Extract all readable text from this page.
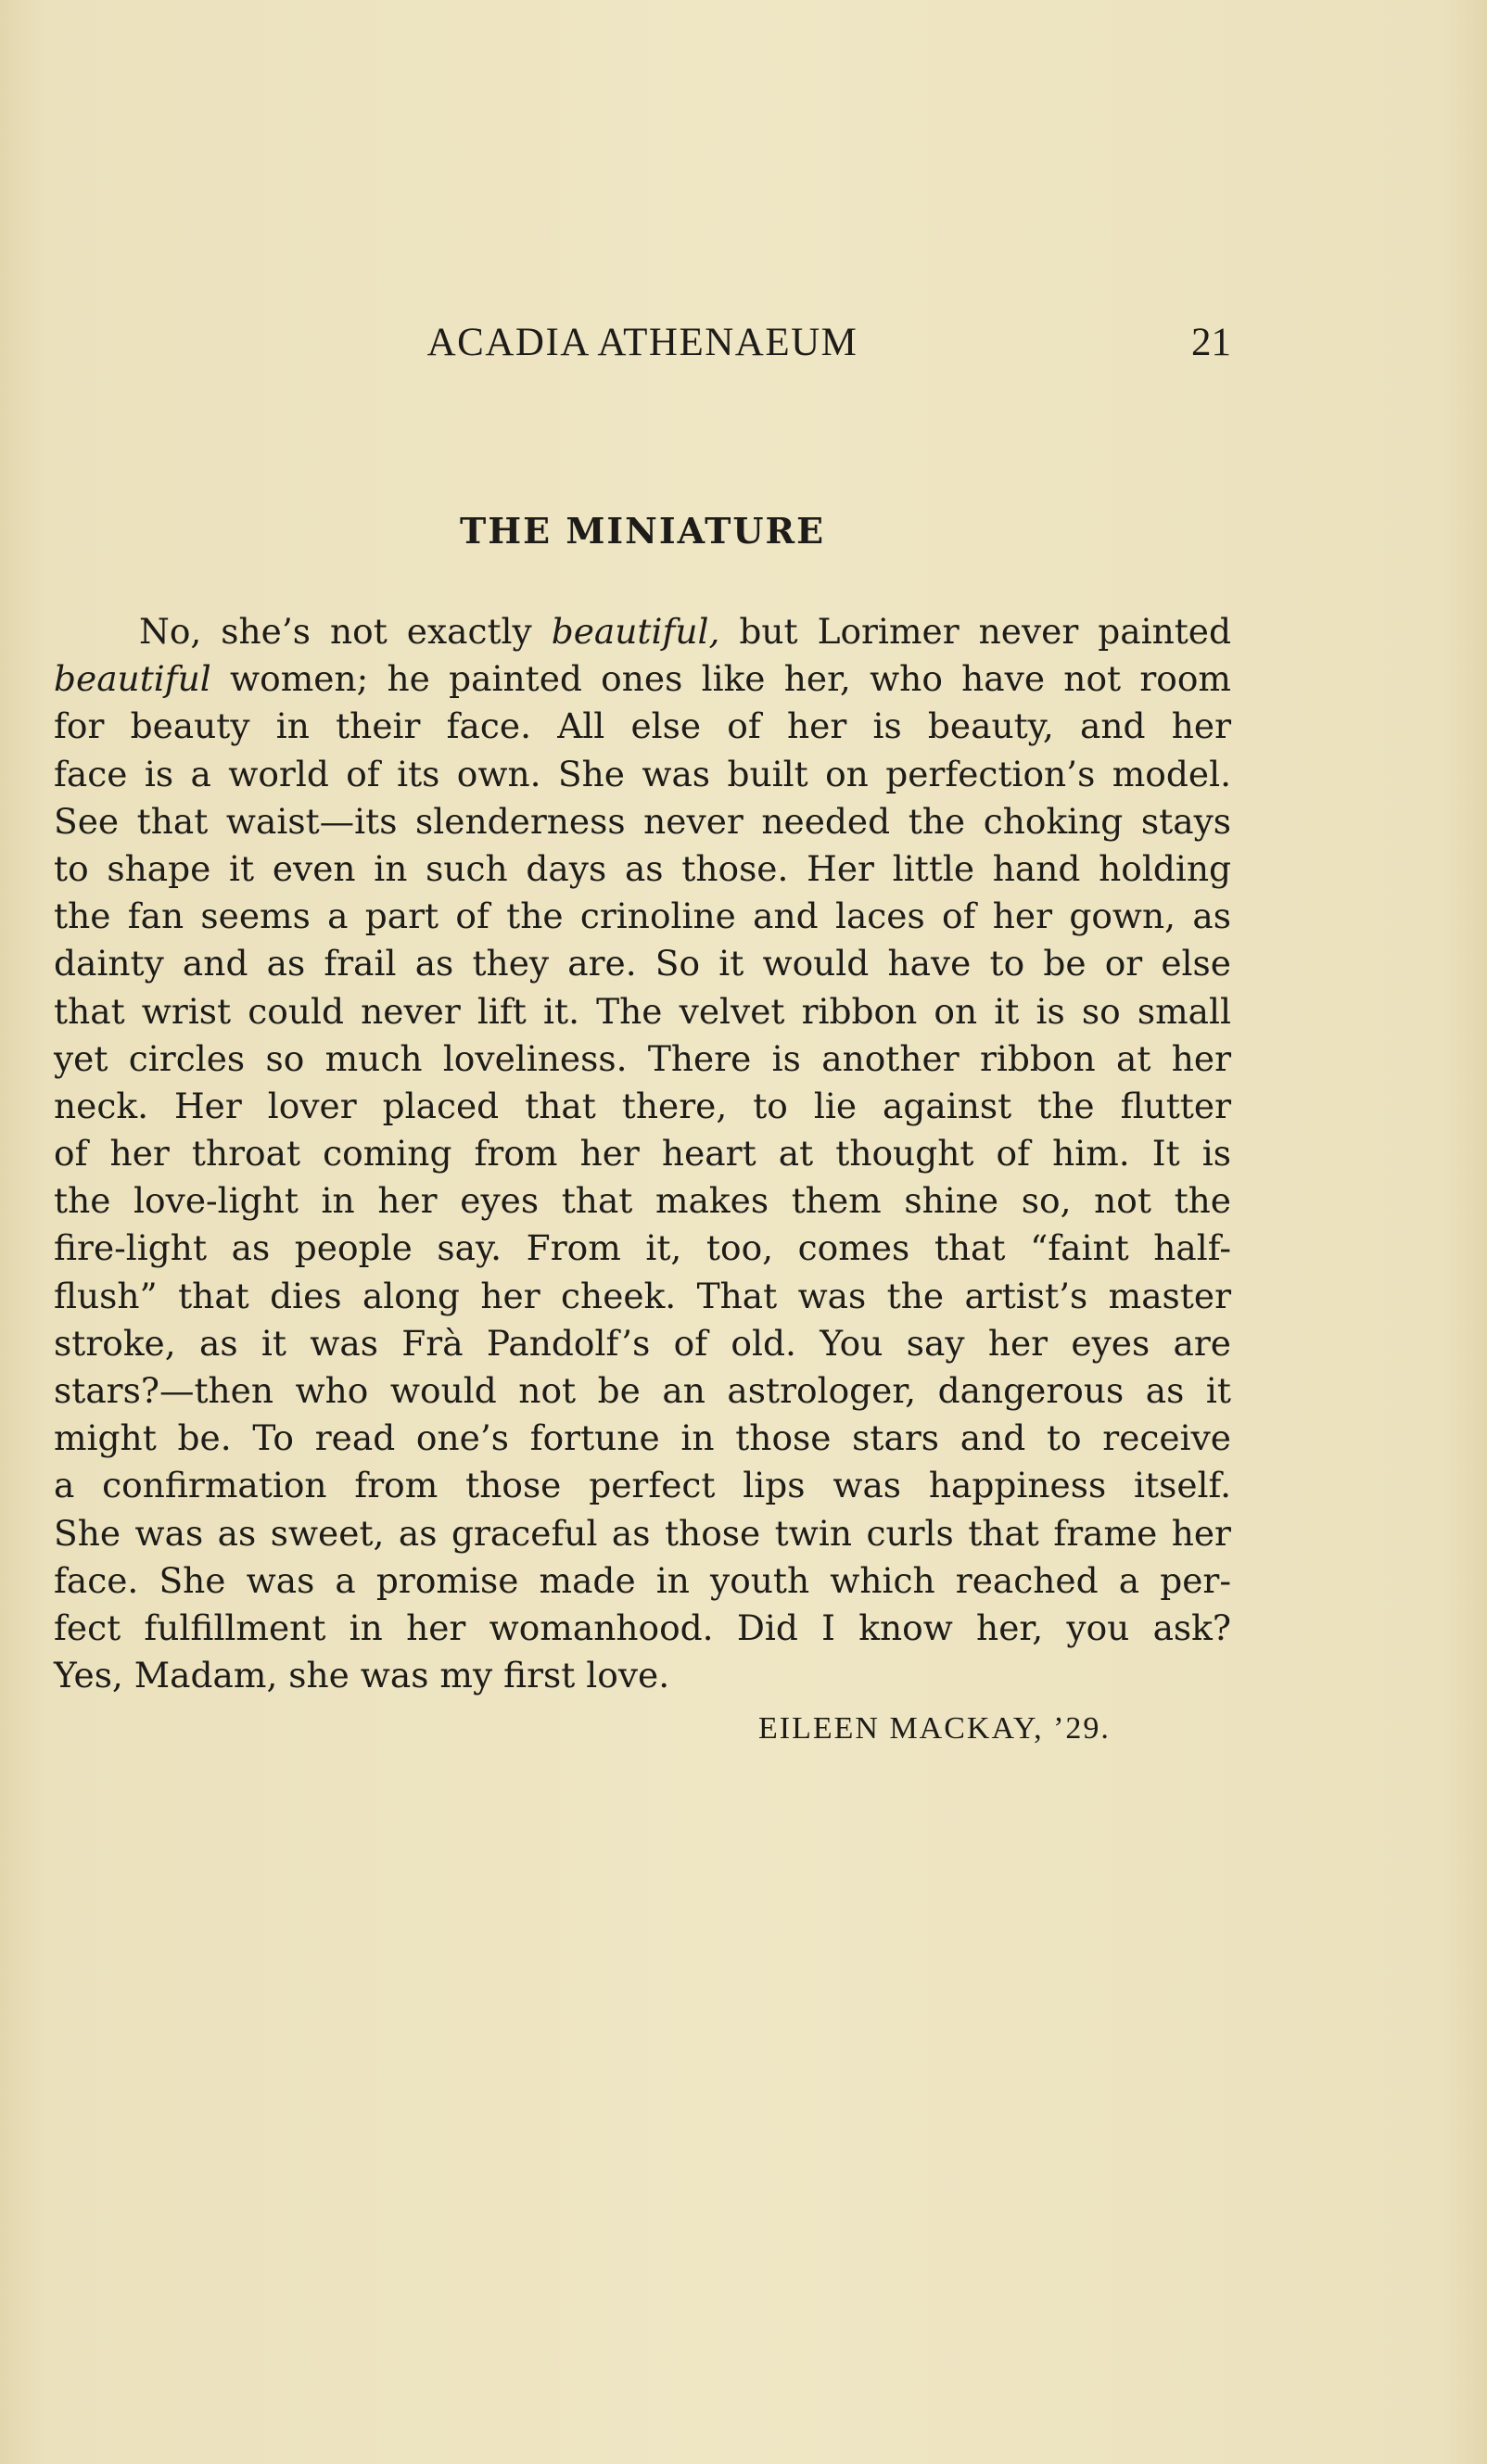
ACADIA ATHENAEUM	21
THE MINIATURE
No, she’s not exactly beautiful, but Lorimer never painted
beautiful women; he painted ones like her, who have not room
for beauty in their face. All else of her is beauty, and her
face is a world of its own. She was built on perfection’s model.
See that waist—its slenderness never needed the choking stays
to shape it even in such days as those. Her little hand holding
the fan seems a part of the crinoline and laces of her gown, as
dainty and as frail as they are. So it would have to be or else
that wrist could never lift it. The velvet ribbon on it is so small
yet circles so much loveliness. There is another ribbon at her
neck. Her lover placed that there, to lie against the flutter
of her throat coming from her heart at thought of him. It is
the love-light in her eyes that makes them shine so, not the
fire-light as people say. From it, too, comes that “faint half-
flush” that dies along her cheek. That was the artist’s master
stroke, as it was Frà Pandolf’s of old. You say her eyes are
stars?—then who would not be an astrologer, dangerous as it
might be. To read one’s fortune in those stars and to receive
a confirmation from those perfect lips was happiness itself.
She was as sweet, as graceful as those twin curls that frame her
face. She was a promise made in youth which reached a per-
fect fulfillment in her womanhood. Did I know her, you ask?
Yes, Madam, she was my first love.
EILEEN MACKAY, ’29.
